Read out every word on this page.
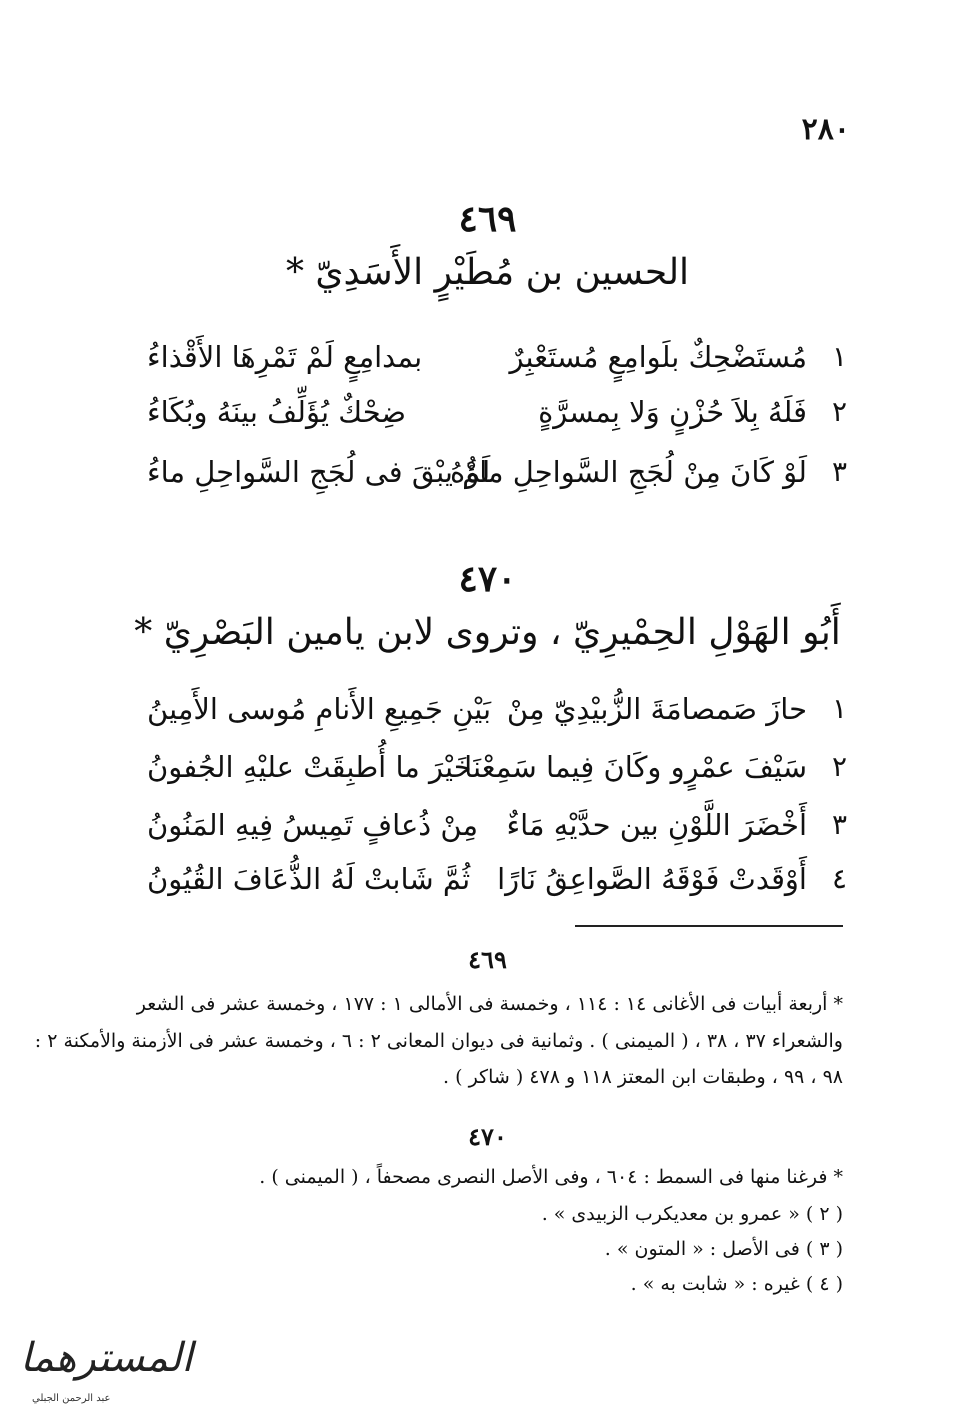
٢٨٠
٤٦٩
الحسين بن مُطَيْرٍ الأَسَدِيّ *
١
مُستَضْحِكٌ بلَوامِعٍ مُستَعْبِرٌ
بمدامِعٍ لَمْ تَمْرِهَا الأَقْذاءُ
٢
فَلَهُ بِلاَ حُزْنٍ وَلا بِمسرَّةٍ
ضِحْكٌ يُؤَلِّفُ بينَهُ وبُكَاءُ
٣
لَوْ كَانَ مِنْ لُجَجِ السَّواحِلِ ماؤُهُ
لَمْ يبْقَ فى لُجَجِ السَّواحِلِ ماءُ
٤٧٠
أَبُو الهَوْلِ الحِمْيرِيّ ، وتروى لابن يامين البَصْرِيّ *
١
حازَ صَمصامَةَ الزُّبيْدِيّ مِنْ
بَيْنِ جَمِيعِ الأَنامِ مُوسى الأَمِينُ
٢
سَيْفَ عمْرٍو وكَانَ فِيما سَمِعْنَا
خَيْرَ ما أُطبِقَتْ عليْهِ الجُفونُ
٣
أَخْضَرَ اللَّوْنِ بين حدَّيْهِ مَاءٌ
مِنْ ذُعافٍ تَمِيسُ فِيهِ المَنُونُ
٤
أَوْقَدتْ فَوْقَهُ الصَّواعِقُ نَارًا
ثُمَّ شَابتْ لَهُ الذُّعَافَ القُيُونُ
٤٦٩
* أربعة أبيات فى الأغانى ١٤ : ١١٤ ، وخمسة فى الأمالى ١ : ١٧٧ ، وخمسة عشر فى الشعر
والشعراء ٣٧ ، ٣٨ ، ( الميمنى ) . وثمانية فى ديوان المعانى ٢ : ٦ ، وخمسة عشر فى الأزمنة والأمكنة ٢ :
٩٨ ، ٩٩ ، وطبقات ابن المعتز ١١٨ و ٤٧٨ ( شاكر ) .
٤٧٠
* فرغنا منها فى السمط : ٦٠٤ ، وفى الأصل النصرى مصحفاً ، ( الميمنى ) .
( ٢ ) « عمرو بن معديكرب الزبيدى » .
( ٣ ) فى الأصل : « المتون » .
( ٤ ) غيره : « شابت به » .
المسترهما
عبد الرحمن الجبلي
